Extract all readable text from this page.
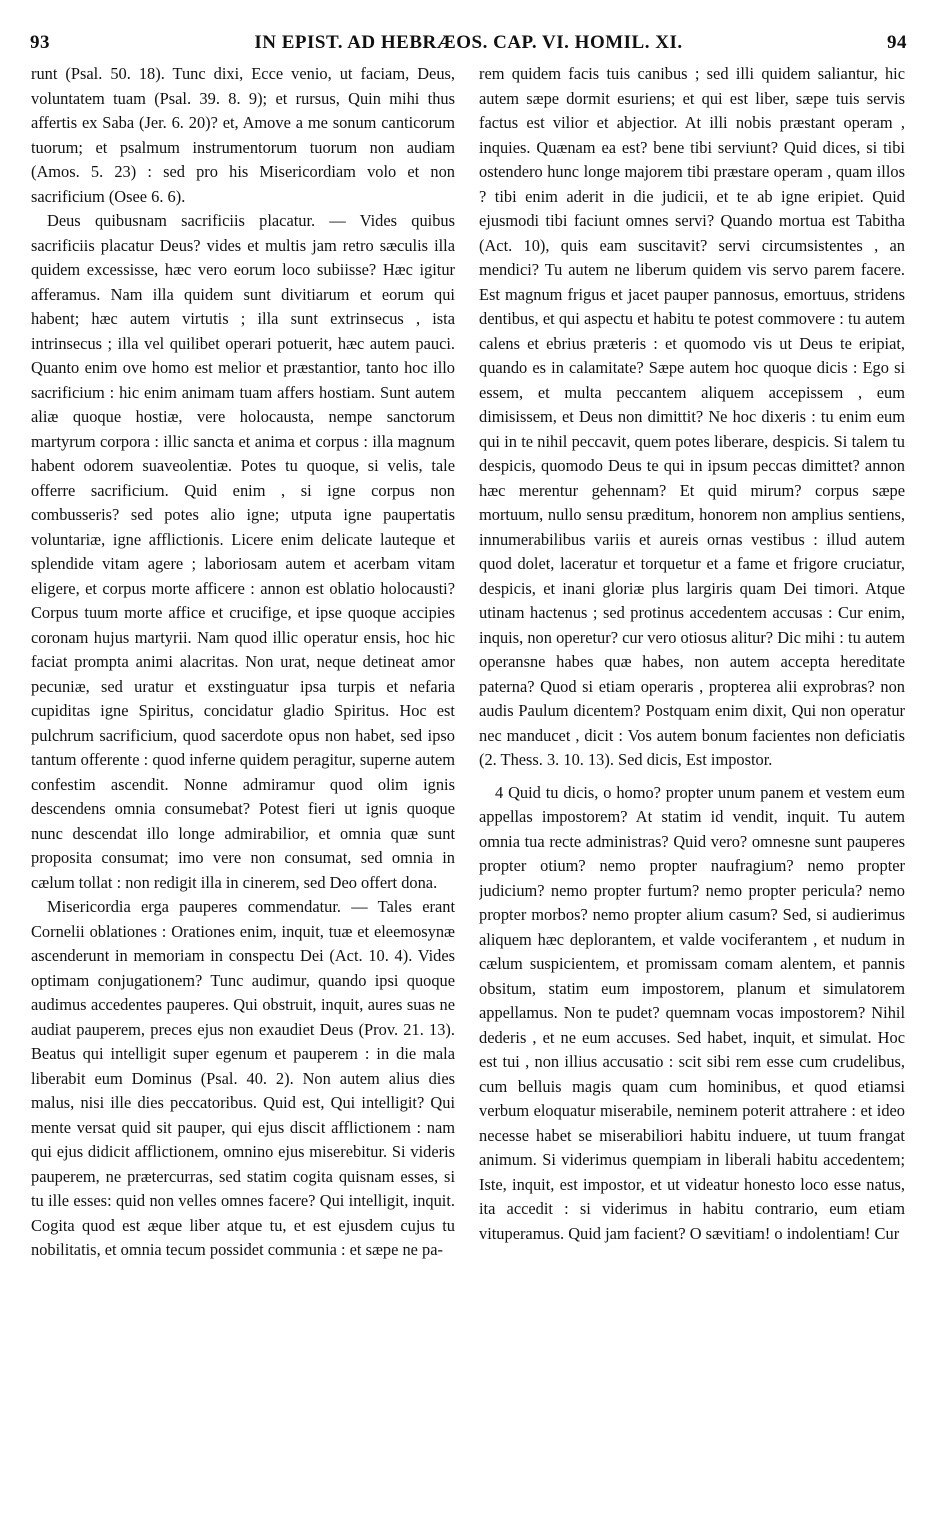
93	IN EPIST. AD HEBRÆOS. CAP. VI. HOMIL. XI.	94

runt (Psal. 50. 18). Tunc dixi, Ecce venio, ut faciam, Deus, voluntatem tuam (Psal. 39. 8. 9); et rursus, Quin mihi thus affertis ex Saba (Jer. 6. 20)? et, Amove a me sonum canticorum tuorum; et psalmum instrumentorum tuorum non audiam (Amos. 5. 23) : sed pro his Misericordiam volo et non sacrificium (Osee 6. 6).

Deus quibusnam sacrificiis placatur. — Vides quibus sacrificiis placatur Deus? vides et multis jam retro sæculis illa quidem excessisse, hæc vero eorum loco subiisse? Hæc igitur afferamus. Nam illa quidem sunt divitiarum et eorum qui habent; hæc autem virtutis ; illa sunt extrinsecus , ista intrinsecus ; illa vel quilibet operari potuerit, hæc autem pauci. Quanto enim ove homo est melior et præstantior, tanto hoc illo sacrificium : hic enim animam tuam affers hostiam. Sunt autem aliæ quoque hostiæ, vere holocausta, nempe sanctorum martyrum corpora : illic sancta et anima et corpus : illa magnum habent odorem suaveolentiæ. Potes tu quoque, si velis, tale offerre sacrificium. Quid enim , si igne corpus non combusseris? sed potes alio igne; utputa igne paupertatis voluntariæ, igne afflictionis. Licere enim delicate lauteque et splendide vitam agere ; laboriosam autem et acerbam vitam eligere, et corpus morte afficere : annon est oblatio holocausti? Corpus tuum morte affice et crucifige, et ipse quoque accipies coronam hujus martyrii. Nam quod illic operatur ensis, hoc hic faciat prompta animi alacritas. Non urat, neque detineat amor pecuniæ, sed uratur et exstinguatur ipsa turpis et nefaria cupiditas igne Spiritus, concidatur gladio Spiritus. Hoc est pulchrum sacrificium, quod sacerdote opus non habet, sed ipso tantum offerente : quod inferne quidem peragitur, superne autem confestim ascendit. Nonne admiramur quod olim ignis descendens omnia consumebat? Potest fieri ut ignis quoque nunc descendat illo longe admirabilior, et omnia quæ sunt proposita consumat; imo vere non consumat, sed omnia in cælum tollat : non redigit illa in cinerem, sed Deo offert dona.

Misericordia erga pauperes commendatur. — Tales erant Cornelii oblationes : Orationes enim, inquit, tuæ et eleemosynæ ascenderunt in memoriam in conspectu Dei (Act. 10. 4). Vides optimam conjugationem? Tunc audimur, quando ipsi quoque audimus accedentes pauperes. Qui obstruit, inquit, aures suas ne audiat pauperem, preces ejus non exaudiet Deus (Prov. 21. 13). Beatus qui intelligit super egenum et pauperem : in die mala liberabit eum Dominus (Psal. 40. 2). Non autem alius dies malus, nisi ille dies peccatoribus. Quid est, Qui intelligit? Qui mente versat quid sit pauper, qui ejus discit afflictionem : nam qui ejus didicit afflictionem, omnino ejus miserebitur. Si videris pauperem, ne prætercurras, sed statim cogita quisnam esses, si tu ille esses: quid non velles omnes facere? Qui intelligit, inquit. Cogita quod est æque liber atque tu, et est ejusdem cujus tu nobilitatis, et omnia tecum possidet communia : et sæpe ne pa-

rem quidem facis tuis canibus ; sed illi quidem saliantur, hic autem sæpe dormit esuriens; et qui est liber, sæpe tuis servis factus est vilior et abjectior. At illi nobis præstant operam , inquies. Quænam ea est? bene tibi serviunt? Quid dices, si tibi ostendero hunc longe majorem tibi præstare operam , quam illos ? tibi enim aderit in die judicii, et te ab igne eripiet. Quid ejusmodi tibi faciunt omnes servi? Quando mortua est Tabitha (Act. 10), quis eam suscitavit? servi circumsistentes , an mendici? Tu autem ne liberum quidem vis servo parem facere. Est magnum frigus et jacet pauper pannosus, emortuus, stridens dentibus, et qui aspectu et habitu te potest commovere : tu autem calens et ebrius præteris : et quomodo vis ut Deus te eripiat, quando es in calamitate? Sæpe autem hoc quoque dicis : Ego si essem, et multa peccantem aliquem accepissem , eum dimisissem, et Deus non dimittit? Ne hoc dixeris : tu enim eum qui in te nihil peccavit, quem potes liberare, despicis. Si talem tu despicis, quomodo Deus te qui in ipsum peccas dimittet? annon hæc merentur gehennam? Et quid mirum? corpus sæpe mortuum, nullo sensu præditum, honorem non amplius sentiens, innumerabilibus variis et aureis ornas vestibus : illud autem quod dolet, laceratur et torquetur et a fame et frigore cruciatur, despicis, et inani gloriæ plus largiris quam Dei timori. Atque utinam hactenus ; sed protinus accedentem accusas : Cur enim, inquis, non operetur? cur vero otiosus alitur? Dic mihi : tu autem operansne habes quæ habes, non autem accepta hereditate paterna? Quod si etiam operaris , propterea alii exprobras? non audis Paulum dicentem? Postquam enim dixit, Qui non operatur nec manducet , dicit : Vos autem bonum facientes non deficiatis (2. Thess. 3. 10. 13). Sed dicis, Est impostor.

4 Quid tu dicis, o homo? propter unum panem et vestem eum appellas impostorem? At statim id vendit, inquit. Tu autem omnia tua recte administras? Quid vero? omnesne sunt pauperes propter otium? nemo propter naufragium? nemo propter judicium? nemo propter furtum? nemo propter pericula? nemo propter morbos? nemo propter alium casum? Sed, si audierimus aliquem hæc deplorantem, et valde vociferantem , et nudum in cælum suspicientem, et promissam comam alentem, et pannis obsitum, statim eum impostorem, planum et simulatorem appellamus. Non te pudet? quemnam vocas impostorem? Nihil dederis , et ne eum accuses. Sed habet, inquit, et simulat. Hoc est tui , non illius accusatio : scit sibi rem esse cum crudelibus, cum belluis magis quam cum hominibus, et quod etiamsi verbum eloquatur miserabile, neminem poterit attrahere : et ideo necesse habet se miserabiliori habitu induere, ut tuum frangat animum. Si viderimus quempiam in liberali habitu accedentem; Iste, inquit, est impostor, et ut videatur honesto loco esse natus, ita accedit : si viderimus in habitu contrario, eum etiam vituperamus. Quid jam facient? O sævitiam! o indolentiam! Cur
